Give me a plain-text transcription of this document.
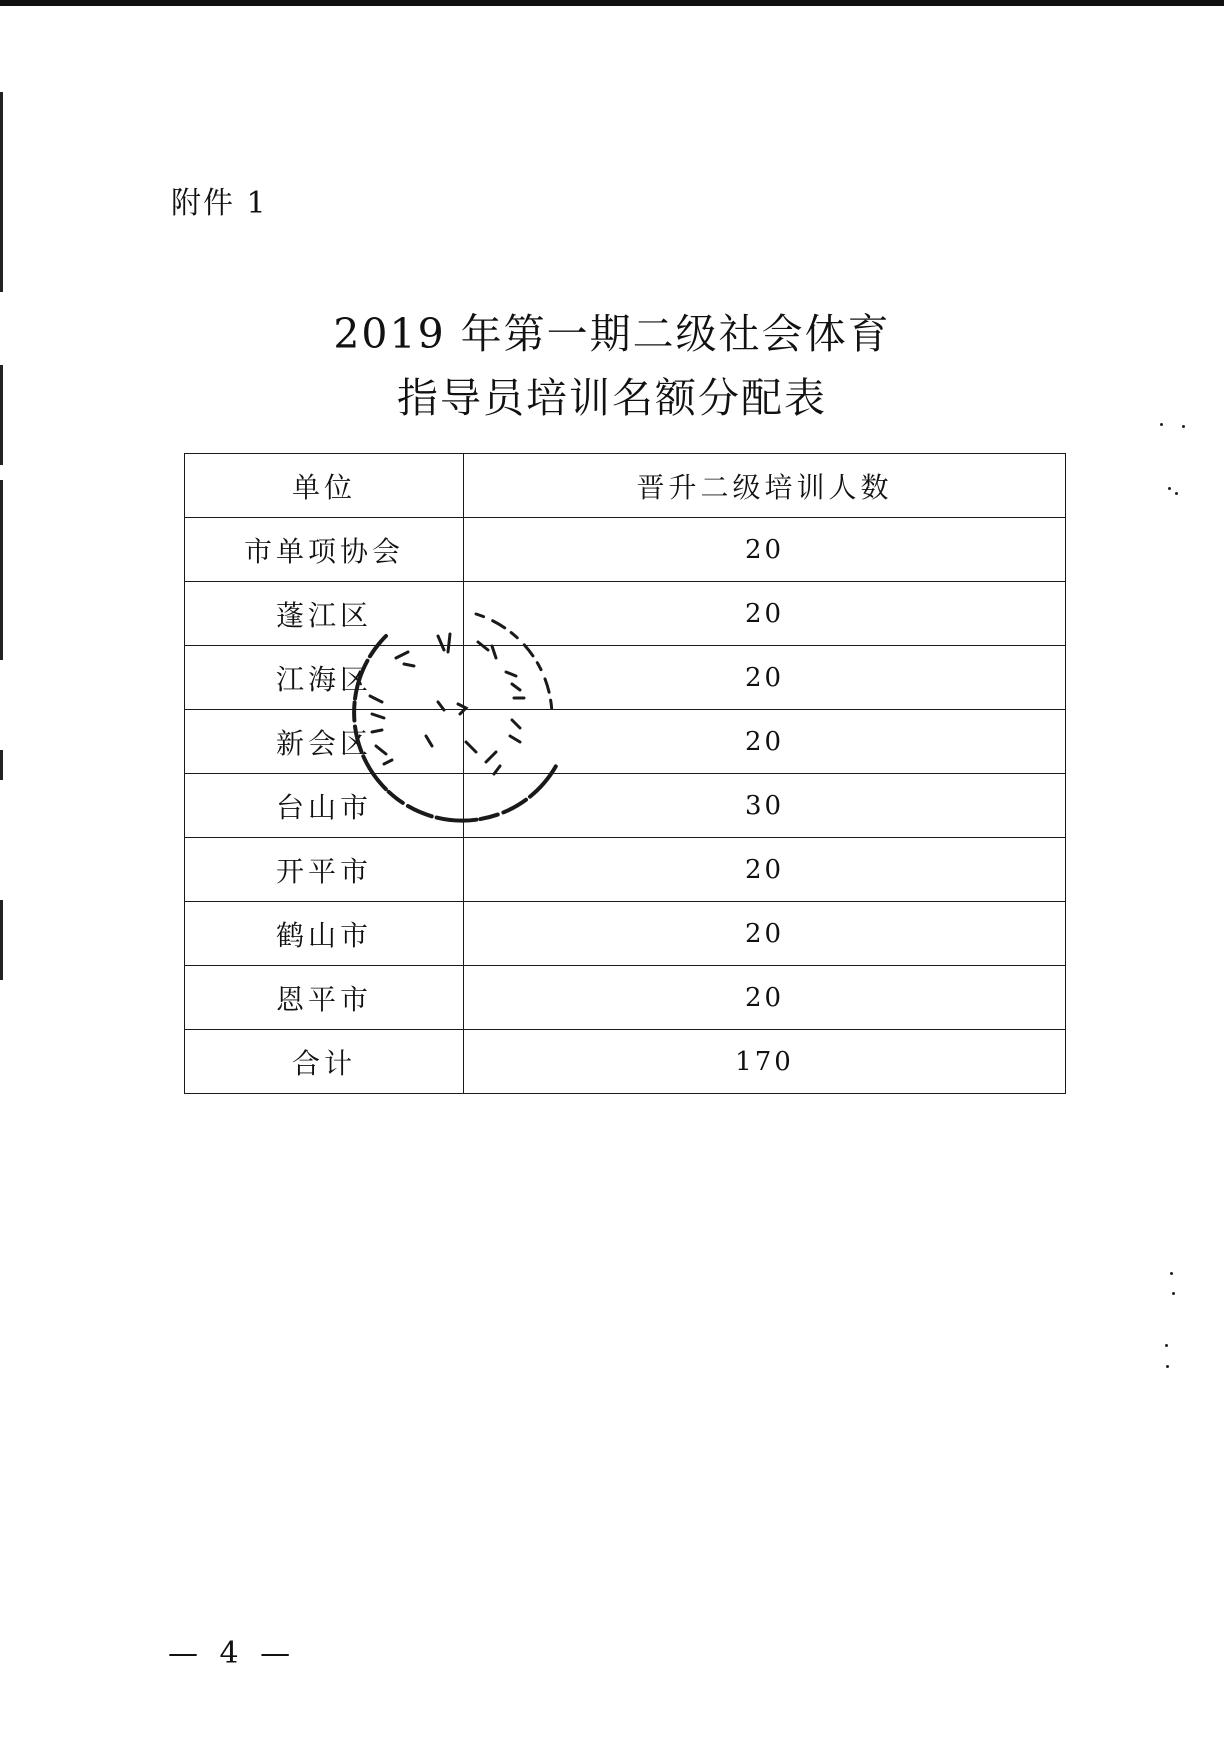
附件 1
2019 年第一期二级社会体育
指导员培训名额分配表
单位	晋升二级培训人数
市单项协会	20
蓬江区	20
江海区	20
新会区	20
台山市	30
开平市	20
鹤山市	20
恩平市	20
合计	170
— 4 —
